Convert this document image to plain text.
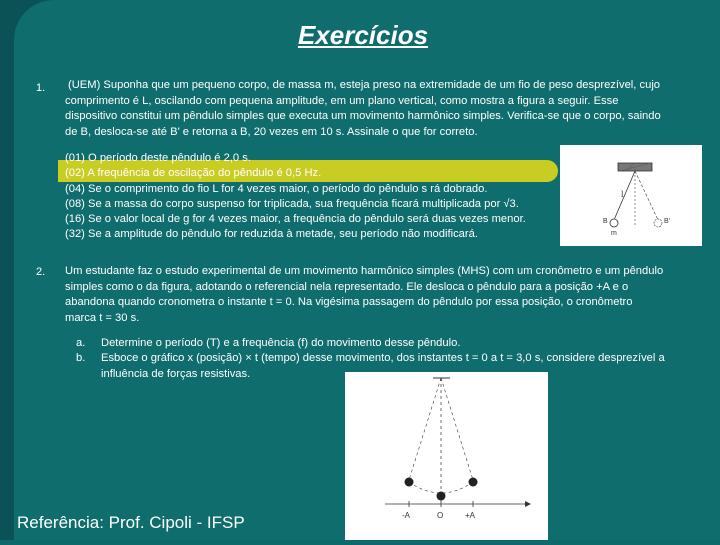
Exercícios
1. (UEM) Suponha que um pequeno corpo, de massa m, esteja preso na extremidade de um fio de peso desprezível, cujo comprimento é L, oscilando com pequena amplitude, em um plano vertical, como mostra a figura a seguir. Esse dispositivo constitui um pêndulo simples que executa um movimento harmônico simples. Verifica-se que o corpo, saindo de B, desloca-se até B' e retorna a B, 20 vezes em 10 s. Assinale o que for correto.
(01) O período deste pêndulo é 2,0 s.
(02) A frequência de oscilação do pêndulo é 0,5 Hz.
(04) Se o comprimento do fio L for 4 vezes maior, o período do pêndulo s rá dobrado.
(08) Se a massa do corpo suspenso for triplicada, sua frequência ficará multiplicada por √3.
(16) Se o valor local de g for 4 vezes maior, a frequência do pêndulo será duas vezes menor.
(32) Se a amplitude do pêndulo for reduzida à metade, seu período não modificará.
l
B	B'
m
2. Um estudante faz o estudo experimental de um movimento harmônico simples (MHS) com um cronômetro e um pêndulo simples como o da figura, adotando o referencial nela representado. Ele desloca o pêndulo para a posição +A e o abandona quando cronometra o instante t = 0. Na vigésima passagem do pêndulo por essa posição, o cronômetro marca t = 30 s.
a. Determine o período (T) e a frequência (f) do movimento desse pêndulo.
b. Esboce o gráfico x (posição) × t (tempo) desse movimento, dos instantes t = 0 a t = 3,0 s, considere desprezível a influência de forças resistivas.
-A	O	+A
Referência: Prof. Cipoli - IFSP
